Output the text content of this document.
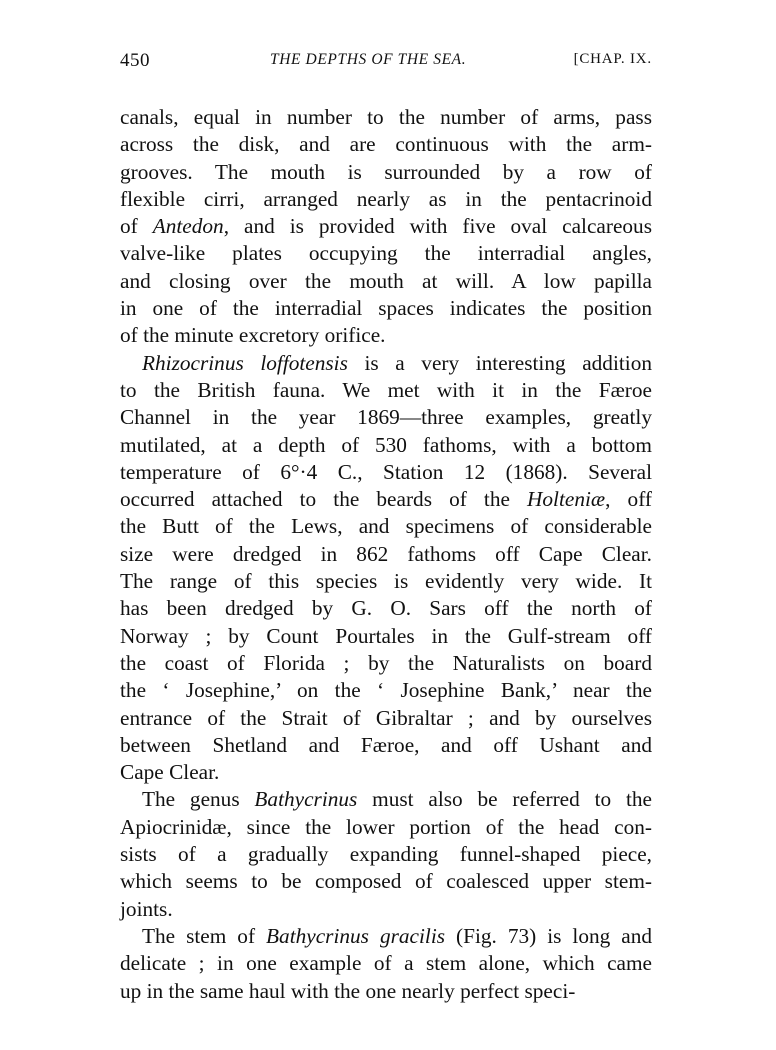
450	THE DEPTHS OF THE SEA.	[CHAP. IX.

canals, equal in number to the number of arms, pass
across the disk, and are continuous with the arm-
grooves. The mouth is surrounded by a row of
flexible cirri, arranged nearly as in the pentacrinoid
of Antedon, and is provided with five oval calcareous
valve-like plates occupying the interradial angles,
and closing over the mouth at will. A low papilla
in one of the interradial spaces indicates the position
of the minute excretory orifice.

Rhizocrinus loffotensis is a very interesting addition
to the British fauna. We met with it in the Færoe
Channel in the year 1869—three examples, greatly
mutilated, at a depth of 530 fathoms, with a bottom
temperature of 6°·4 C., Station 12 (1868). Several
occurred attached to the beards of the Holteniæ, off
the Butt of the Lews, and specimens of considerable
size were dredged in 862 fathoms off Cape Clear.
The range of this species is evidently very wide. It
has been dredged by G. O. Sars off the north of
Norway ; by Count Pourtales in the Gulf-stream off
the coast of Florida ; by the Naturalists on board
the ‘ Josephine,’ on the ‘ Josephine Bank,’ near the
entrance of the Strait of Gibraltar ; and by ourselves
between Shetland and Færoe, and off Ushant and
Cape Clear.

The genus Bathycrinus must also be referred to the
Apiocrinidæ, since the lower portion of the head con-
sists of a gradually expanding funnel-shaped piece,
which seems to be composed of coalesced upper stem-
joints.

The stem of Bathycrinus gracilis (Fig. 73) is long and
delicate ; in one example of a stem alone, which came
up in the same haul with the one nearly perfect speci-
